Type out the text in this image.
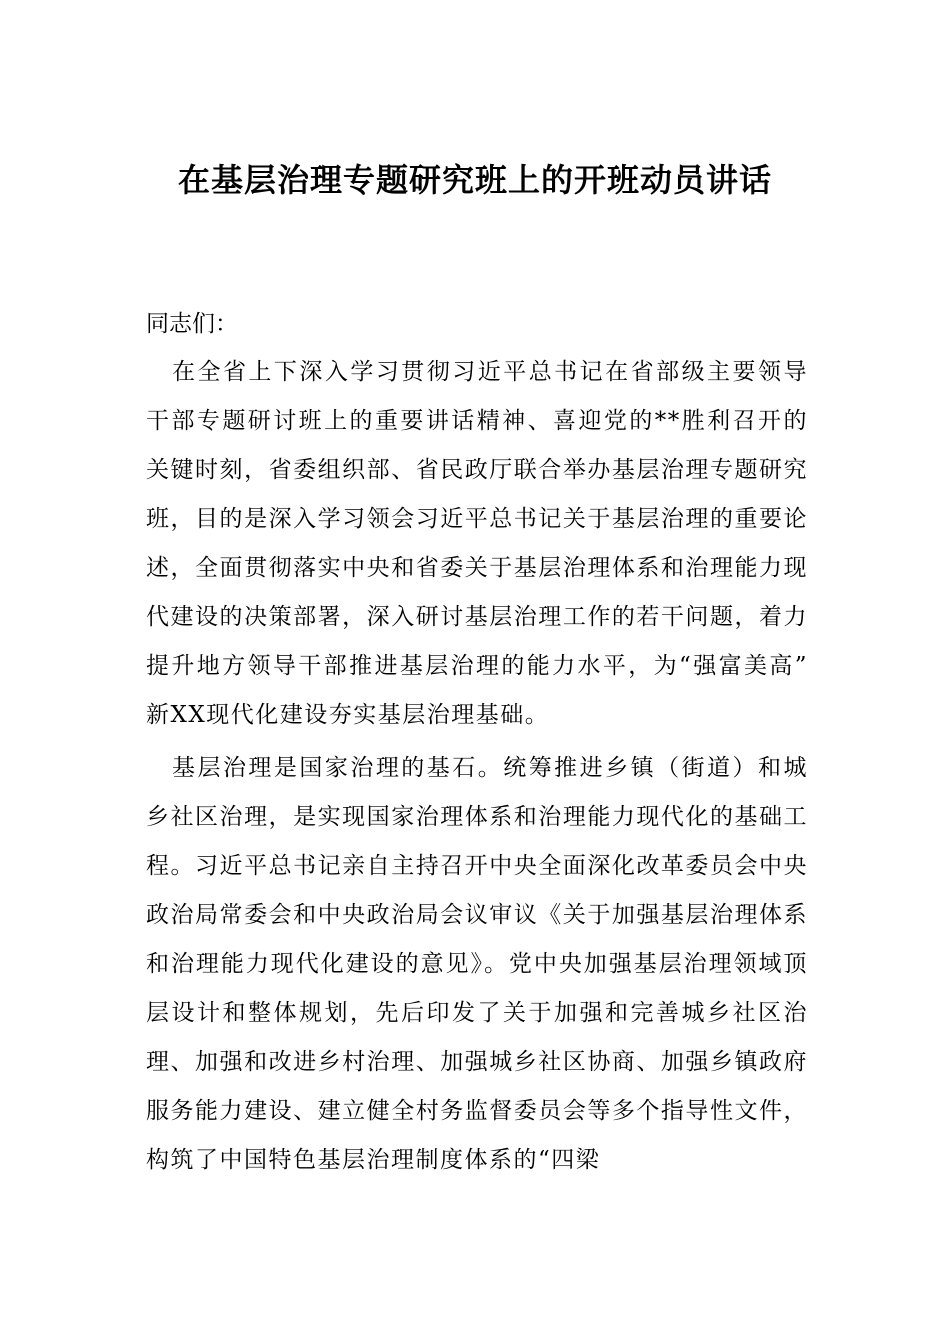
在基层治理专题研究班上的开班动员讲话
同志们：

在全省上下深入学习贯彻习近平总书记在省部级主要领导干部专题研讨班上的重要讲话精神、喜迎党的**胜利召开的关键时刻，省委组织部、省民政厅联合举办基层治理专题研究班，目的是深入学习领会习近平总书记关于基层治理的重要论述，全面贯彻落实中央和省委关于基层治理体系和治理能力现代建设的决策部署，深入研讨基层治理工作的若干问题，着力提升地方领导干部推进基层治理的能力水平，为“强富美高” 新XX现代化建设夯实基层治理基础。

基层治理是国家治理的基石。统筹推进乡镇（街道）和城乡社区治理，是实现国家治理体系和治理能力现代化的基础工程。习近平总书记亲自主持召开中央全面深化改革委员会中央政治局常委会和中央政治局会议审议《关于加强基层治理体系和治理能力现代化建设的意见》。党中央加强基层治理领域顶层设计和整体规划，先后印发了关于加强和完善城乡社区治理、加强和改进乡村治理、加强城乡社区协商、加强乡镇政府服务能力建设、建立健全村务监督委员会等多个指导性文件，构筑了中国特色基层治理制度体系的“四梁
